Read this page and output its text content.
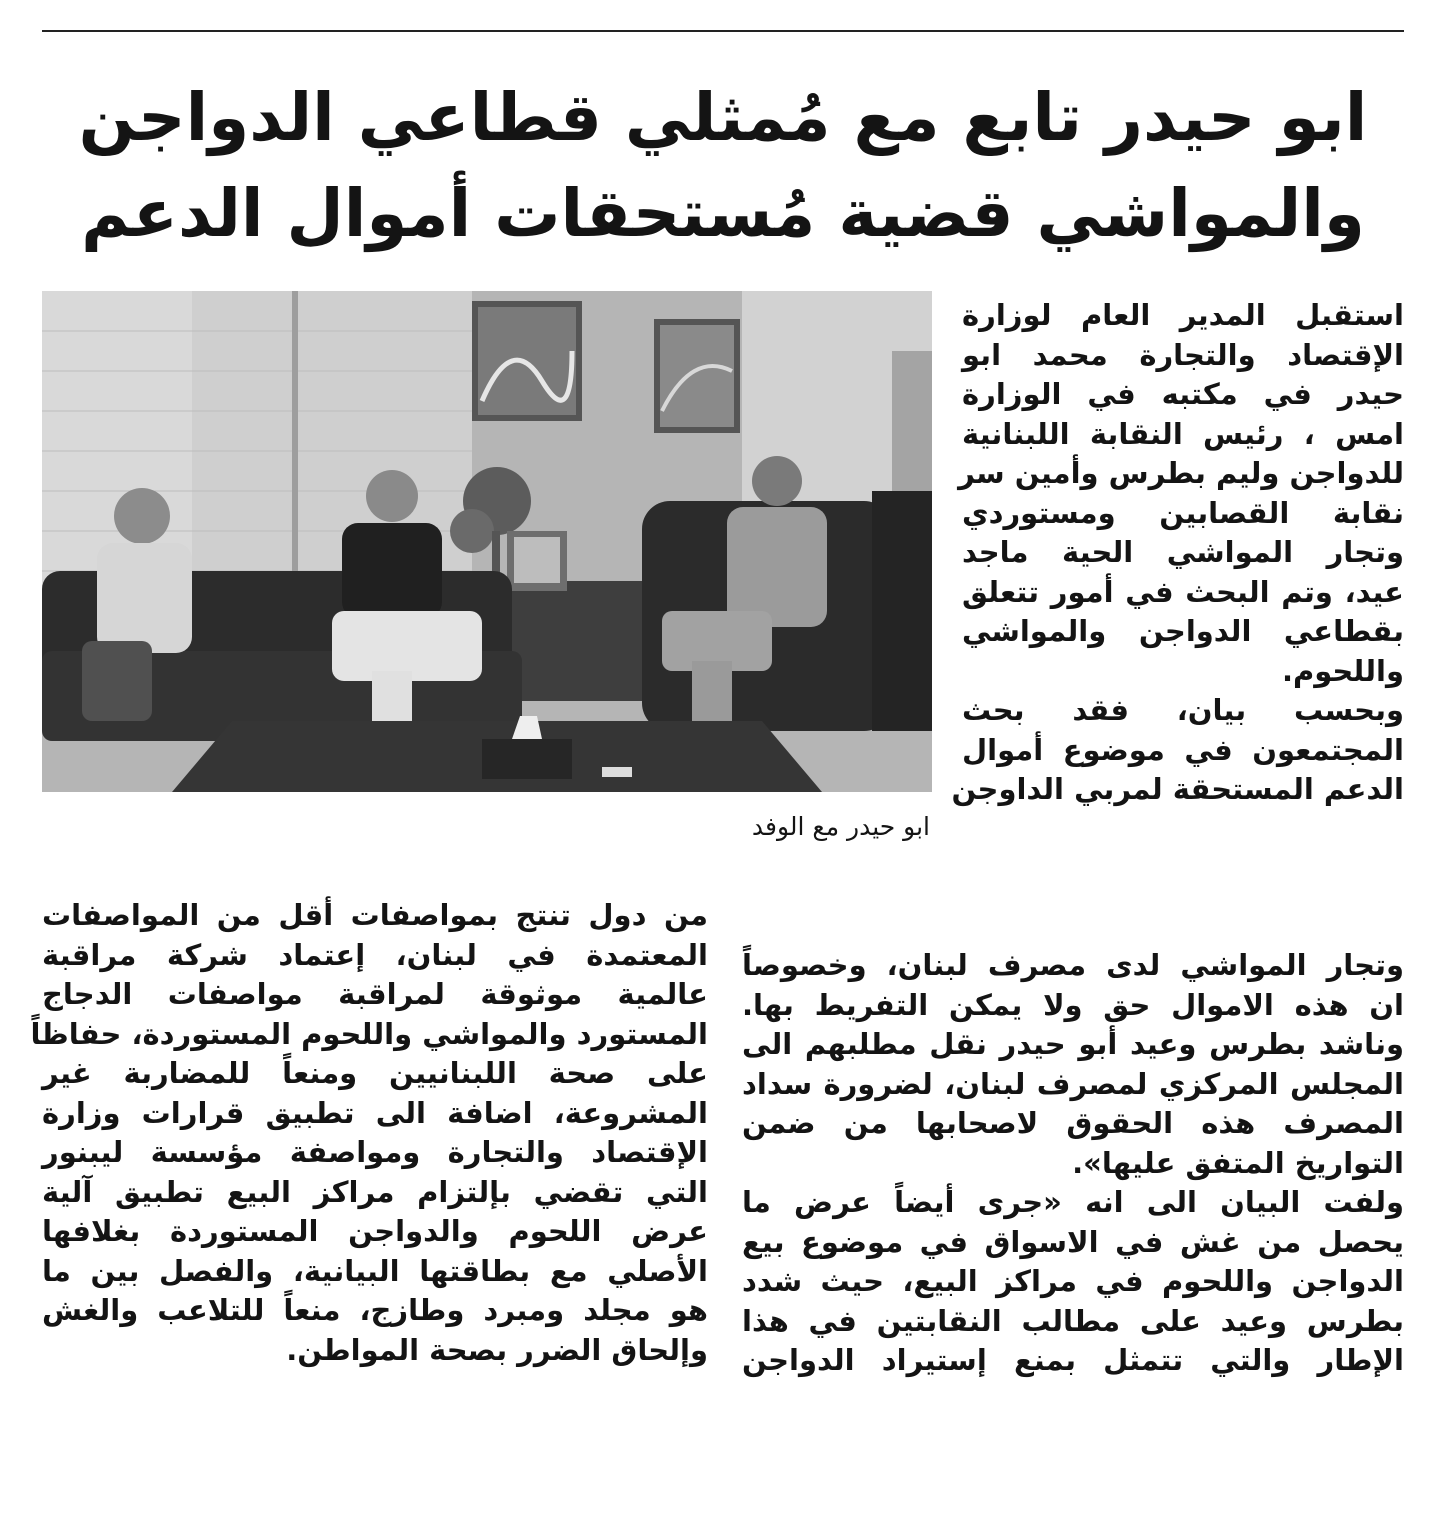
ابو حيدر تابع مع مُمثلي قطاعي الدواجن
والمواشي قضية مُستحقات أموال الدعم
ابو حيدر مع الوفد

استقبل المدير العام لوزارة

الإقتصاد والتجارة محمد ابو

حيدر في مكتبه في الوزارة

امس ، رئيس النقابة اللبنانية

للدواجن وليم بطرس وأمين سر

نقابة القصابين ومستوردي

وتجار المواشي الحية ماجد

عيد، وتم البحث في أمور تتعلق

بقطاعي الدواجن والمواشي

واللحوم.

وبحسب بيان، فقد بحث

المجتمعون في موضوع أموال

الدعم المستحقة لمربي الداوجن

وتجار المواشي لدى مصرف لبنان، وخصوصاً

ان هذه الاموال حق ولا يمكن التفريط بها.

وناشد بطرس وعيد أبو حيدر نقل مطلبهم الى

المجلس المركزي لمصرف لبنان، لضرورة سداد

المصرف هذه الحقوق لاصحابها من ضمن

التواريخ المتفق عليها».

ولفت البيان الى انه «جرى أيضاً عرض ما

يحصل من غش في الاسواق في موضوع بيع

الدواجن واللحوم في مراكز البيع، حيث شدد

بطرس وعيد على مطالب النقابتين في هذا

الإطار والتي تتمثل بمنع إستيراد الدواجن

من دول تنتج بمواصفات أقل من المواصفات

المعتمدة في لبنان، إعتماد شركة مراقبة

عالمية موثوقة لمراقبة مواصفات الدجاج

المستورد والمواشي واللحوم المستوردة، حفاظاً

على صحة اللبنانيين ومنعاً للمضاربة غير

المشروعة، اضافة الى تطبيق قرارات وزارة

الإقتصاد والتجارة ومواصفة مؤسسة ليبنور

التي تقضي بإلتزام مراكز البيع تطبيق آلية

عرض اللحوم والدواجن المستوردة بغلافها

الأصلي مع بطاقتها البيانية، والفصل بين ما

هو مجلد ومبرد وطازج، منعاً للتلاعب والغش

وإلحاق الضرر بصحة المواطن.
